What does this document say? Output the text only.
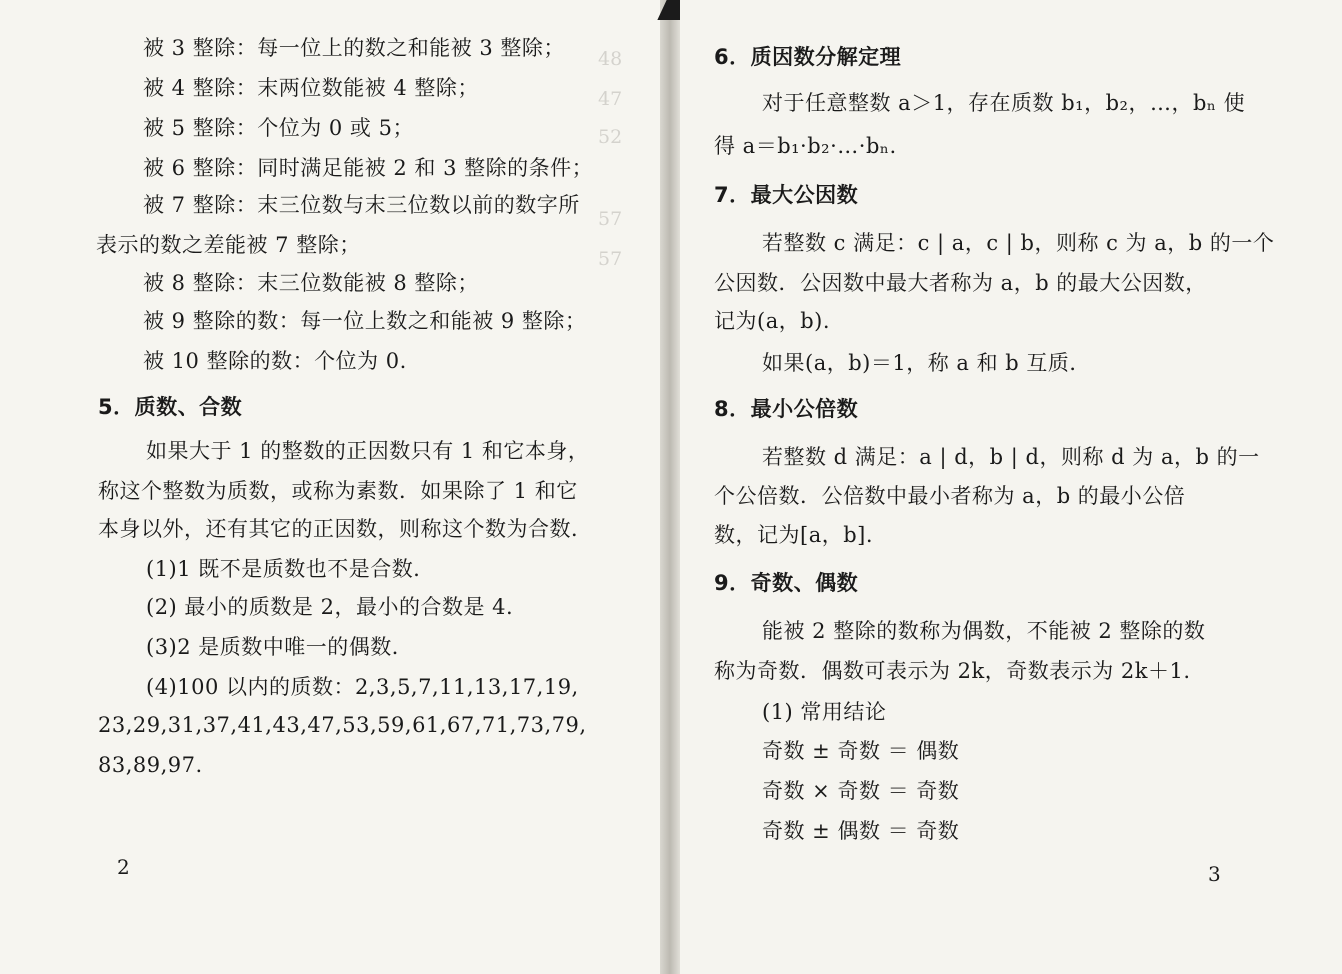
48
47
52
57
57
被 3 整除：每一位上的数之和能被 3 整除；
被 4 整除：末两位数能被 4 整除；
被 5 整除：个位为 0 或 5；
被 6 整除：同时满足能被 2 和 3 整除的条件；
被 7 整除：末三位数与末三位数以前的数字所
表示的数之差能被 7 整除；
被 8 整除：末三位数能被 8 整除；
被 9 整除的数：每一位上数之和能被 9 整除；
被 10 整除的数：个位为 0.
5．质数、合数
如果大于 1 的整数的正因数只有 1 和它本身，
称这个整数为质数，或称为素数．如果除了 1 和它
本身以外，还有其它的正因数，则称这个数为合数．
(1)1 既不是质数也不是合数．
(2) 最小的质数是 2，最小的合数是 4.
(3)2 是质数中唯一的偶数．
(4)100 以内的质数：2,3,5,7,11,13,17,19,
23,29,31,37,41,43,47,53,59,61,67,71,73,79,
83,89,97.
2
6．质因数分解定理
对于任意整数 a＞1，存在质数 b₁，b₂，…，bₙ 使
得 a＝b₁·b₂·…·bₙ.
7．最大公因数
若整数 c 满足：c | a，c | b，则称 c 为 a，b 的一个
公因数．公因数中最大者称为 a，b 的最大公因数，
记为(a，b).
如果(a，b)＝1，称 a 和 b 互质．
8．最小公倍数
若整数 d 满足：a | d，b | d，则称 d 为 a，b 的一
个公倍数．公倍数中最小者称为 a，b 的最小公倍
数，记为[a，b].
9．奇数、偶数
能被 2 整除的数称为偶数，不能被 2 整除的数
称为奇数．偶数可表示为 2k，奇数表示为 2k＋1.
(1) 常用结论
奇数 ± 奇数 ＝ 偶数
奇数 × 奇数 ＝ 奇数
奇数 ± 偶数 ＝ 奇数
3
